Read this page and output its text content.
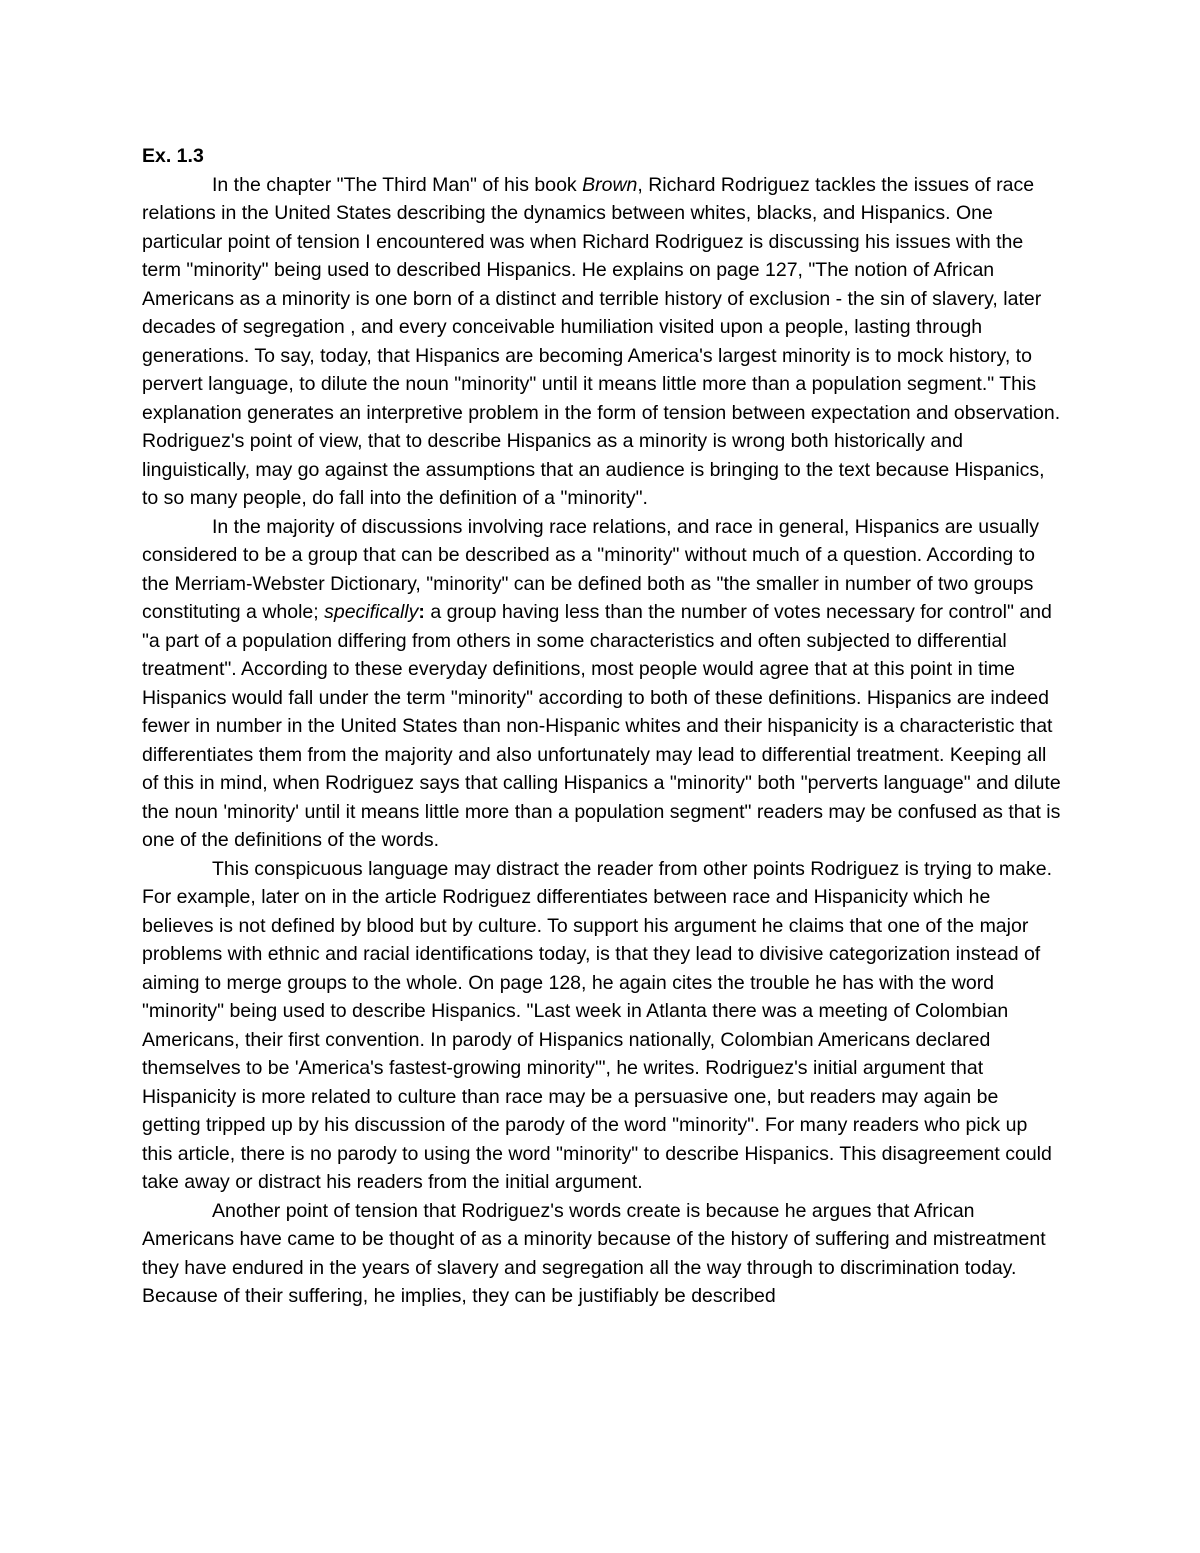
Ex. 1.3

In the chapter "The Third Man" of his book Brown, Richard Rodriguez tackles the issues of race relations in the United States describing the dynamics between whites, blacks, and Hispanics. One particular point of tension I encountered was when Richard Rodriguez is discussing his issues with the term "minority" being used to described Hispanics. He explains on page 127, "The notion of African Americans as a minority is one born of a distinct and terrible history of exclusion - the sin of slavery, later decades of segregation , and every conceivable humiliation visited upon a people, lasting through generations. To say, today, that Hispanics are becoming America's largest minority is to mock history, to pervert language, to dilute the noun "minority" until it means little more than a population segment." This explanation generates an interpretive problem in the form of tension between expectation and observation. Rodriguez's point of view, that to describe Hispanics as a minority is wrong both historically and linguistically, may go against the assumptions that an audience is bringing to the text because Hispanics, to so many people, do fall into the definition of a "minority".

In the majority of discussions involving race relations, and race in general, Hispanics are usually considered to be a group that can be described as a "minority" without much of a question. According to the Merriam-Webster Dictionary, "minority" can be defined both as "the smaller in number of two groups constituting a whole; specifically: a group having less than the number of votes necessary for control" and "a part of a population differing from others in some characteristics and often subjected to differential treatment". According to these everyday definitions, most people would agree that at this point in time Hispanics would fall under the term "minority" according to both of these definitions. Hispanics are indeed fewer in number in the United States than non-Hispanic whites and their hispanicity is a characteristic that differentiates them from the majority and also unfortunately may lead to differential treatment. Keeping all of this in mind, when Rodriguez says that calling Hispanics a "minority" both "perverts language" and dilute the noun 'minority' until it means little more than a population segment" readers may be confused as that is one of the definitions of the words.

This conspicuous language may distract the reader from other points Rodriguez is trying to make. For example, later on in the article Rodriguez differentiates between race and Hispanicity which he believes is not defined by blood but by culture. To support his argument he claims that one of the major problems with ethnic and racial identifications today, is that they lead to divisive categorization instead of aiming to merge groups to the whole. On page 128, he again cites the trouble he has with the word "minority" being used to describe Hispanics. "Last week in Atlanta there was a meeting of Colombian Americans, their first convention. In parody of Hispanics nationally, Colombian Americans declared themselves to be 'America's fastest-growing minority'", he writes. Rodriguez's initial argument that Hispanicity is more related to culture than race may be a persuasive one, but readers may again be getting tripped up by his discussion of the parody of the word "minority". For many readers who pick up this article, there is no parody to using the word "minority" to describe Hispanics. This disagreement could take away or distract his readers from the initial argument.

Another point of tension that Rodriguez's words create is because he argues that African Americans have came to be thought of as a minority because of the history of suffering and mistreatment they have endured in the years of slavery and segregation all the way through to discrimination today. Because of their suffering, he implies, they can be justifiably be described
